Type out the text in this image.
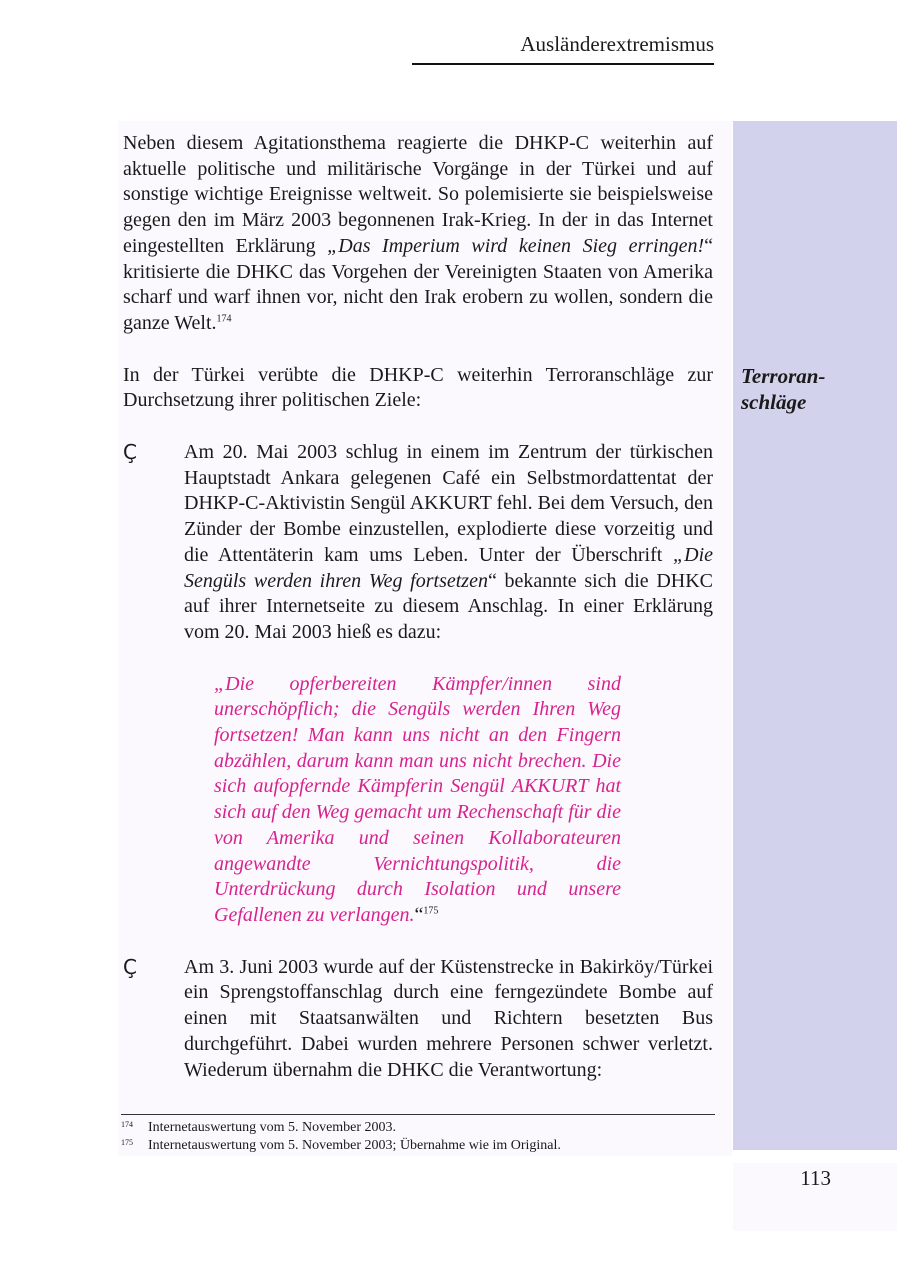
Ausländerextremismus
Terroran-
schläge

Neben diesem Agitationsthema reagierte die DHKP-C weiterhin auf aktuelle politische und militärische Vorgänge in der Türkei und auf sonstige wichtige Ereignisse weltweit. So polemisierte sie beispielsweise gegen den im März 2003 begonnenen Irak-Krieg. In der in das Internet eingestellten Erklärung „Das Imperium wird keinen Sieg erringen!“ kritisierte die DHKC das Vorgehen der Vereinigten Staaten von Amerika scharf und warf ihnen vor, nicht den Irak erobern zu wollen, sondern die ganze Welt.$^{174}$

In der Türkei verübte die DHKP-C weiterhin Terroranschläge zur Durchsetzung ihrer politischen Ziele:

Ç Am 20. Mai 2003 schlug in einem im Zentrum der türkischen Hauptstadt Ankara gelegenen Café ein Selbstmordattentat der DHKP-C-Aktivistin Sengül AKKURT fehl. Bei dem Versuch, den Zünder der Bombe einzustellen, explodierte diese vorzeitig und die Attentäterin kam ums Leben. Unter der Überschrift „Die Sengüls werden ihren Weg fortsetzen“ bekannte sich die DHKC auf ihrer Internetseite zu diesem Anschlag. In einer Erklärung vom 20. Mai 2003 hieß es dazu:
„Die opferbereiten Kämpfer/innen sind unerschöpflich; die Sengüls werden Ihren Weg fortsetzen! Man kann uns nicht an den Fingern abzählen, darum kann man uns nicht brechen. Die sich aufopfernde Kämpferin Sengül AKKURT hat sich auf den Weg gemacht um Rechenschaft für die von Amerika und seinen Kollaborateuren angewandte Vernichtungspolitik, die Unterdrückung durch Isolation und unsere Gefallenen zu verlangen.“$^{175}$
Ç Am 3. Juni 2003 wurde auf der Küstenstrecke in Bakirköy/Türkei ein Sprengstoffanschlag durch eine ferngezündete Bombe auf einen mit Staatsanwälten und Richtern besetzten Bus durchgeführt. Dabei wurden mehrere Personen schwer verletzt. Wiederum übernahm die DHKC die Verantwortung:
174 Internetauswertung vom 5. November 2003.
175 Internetauswertung vom 5. November 2003; Übernahme wie im Original.
113
